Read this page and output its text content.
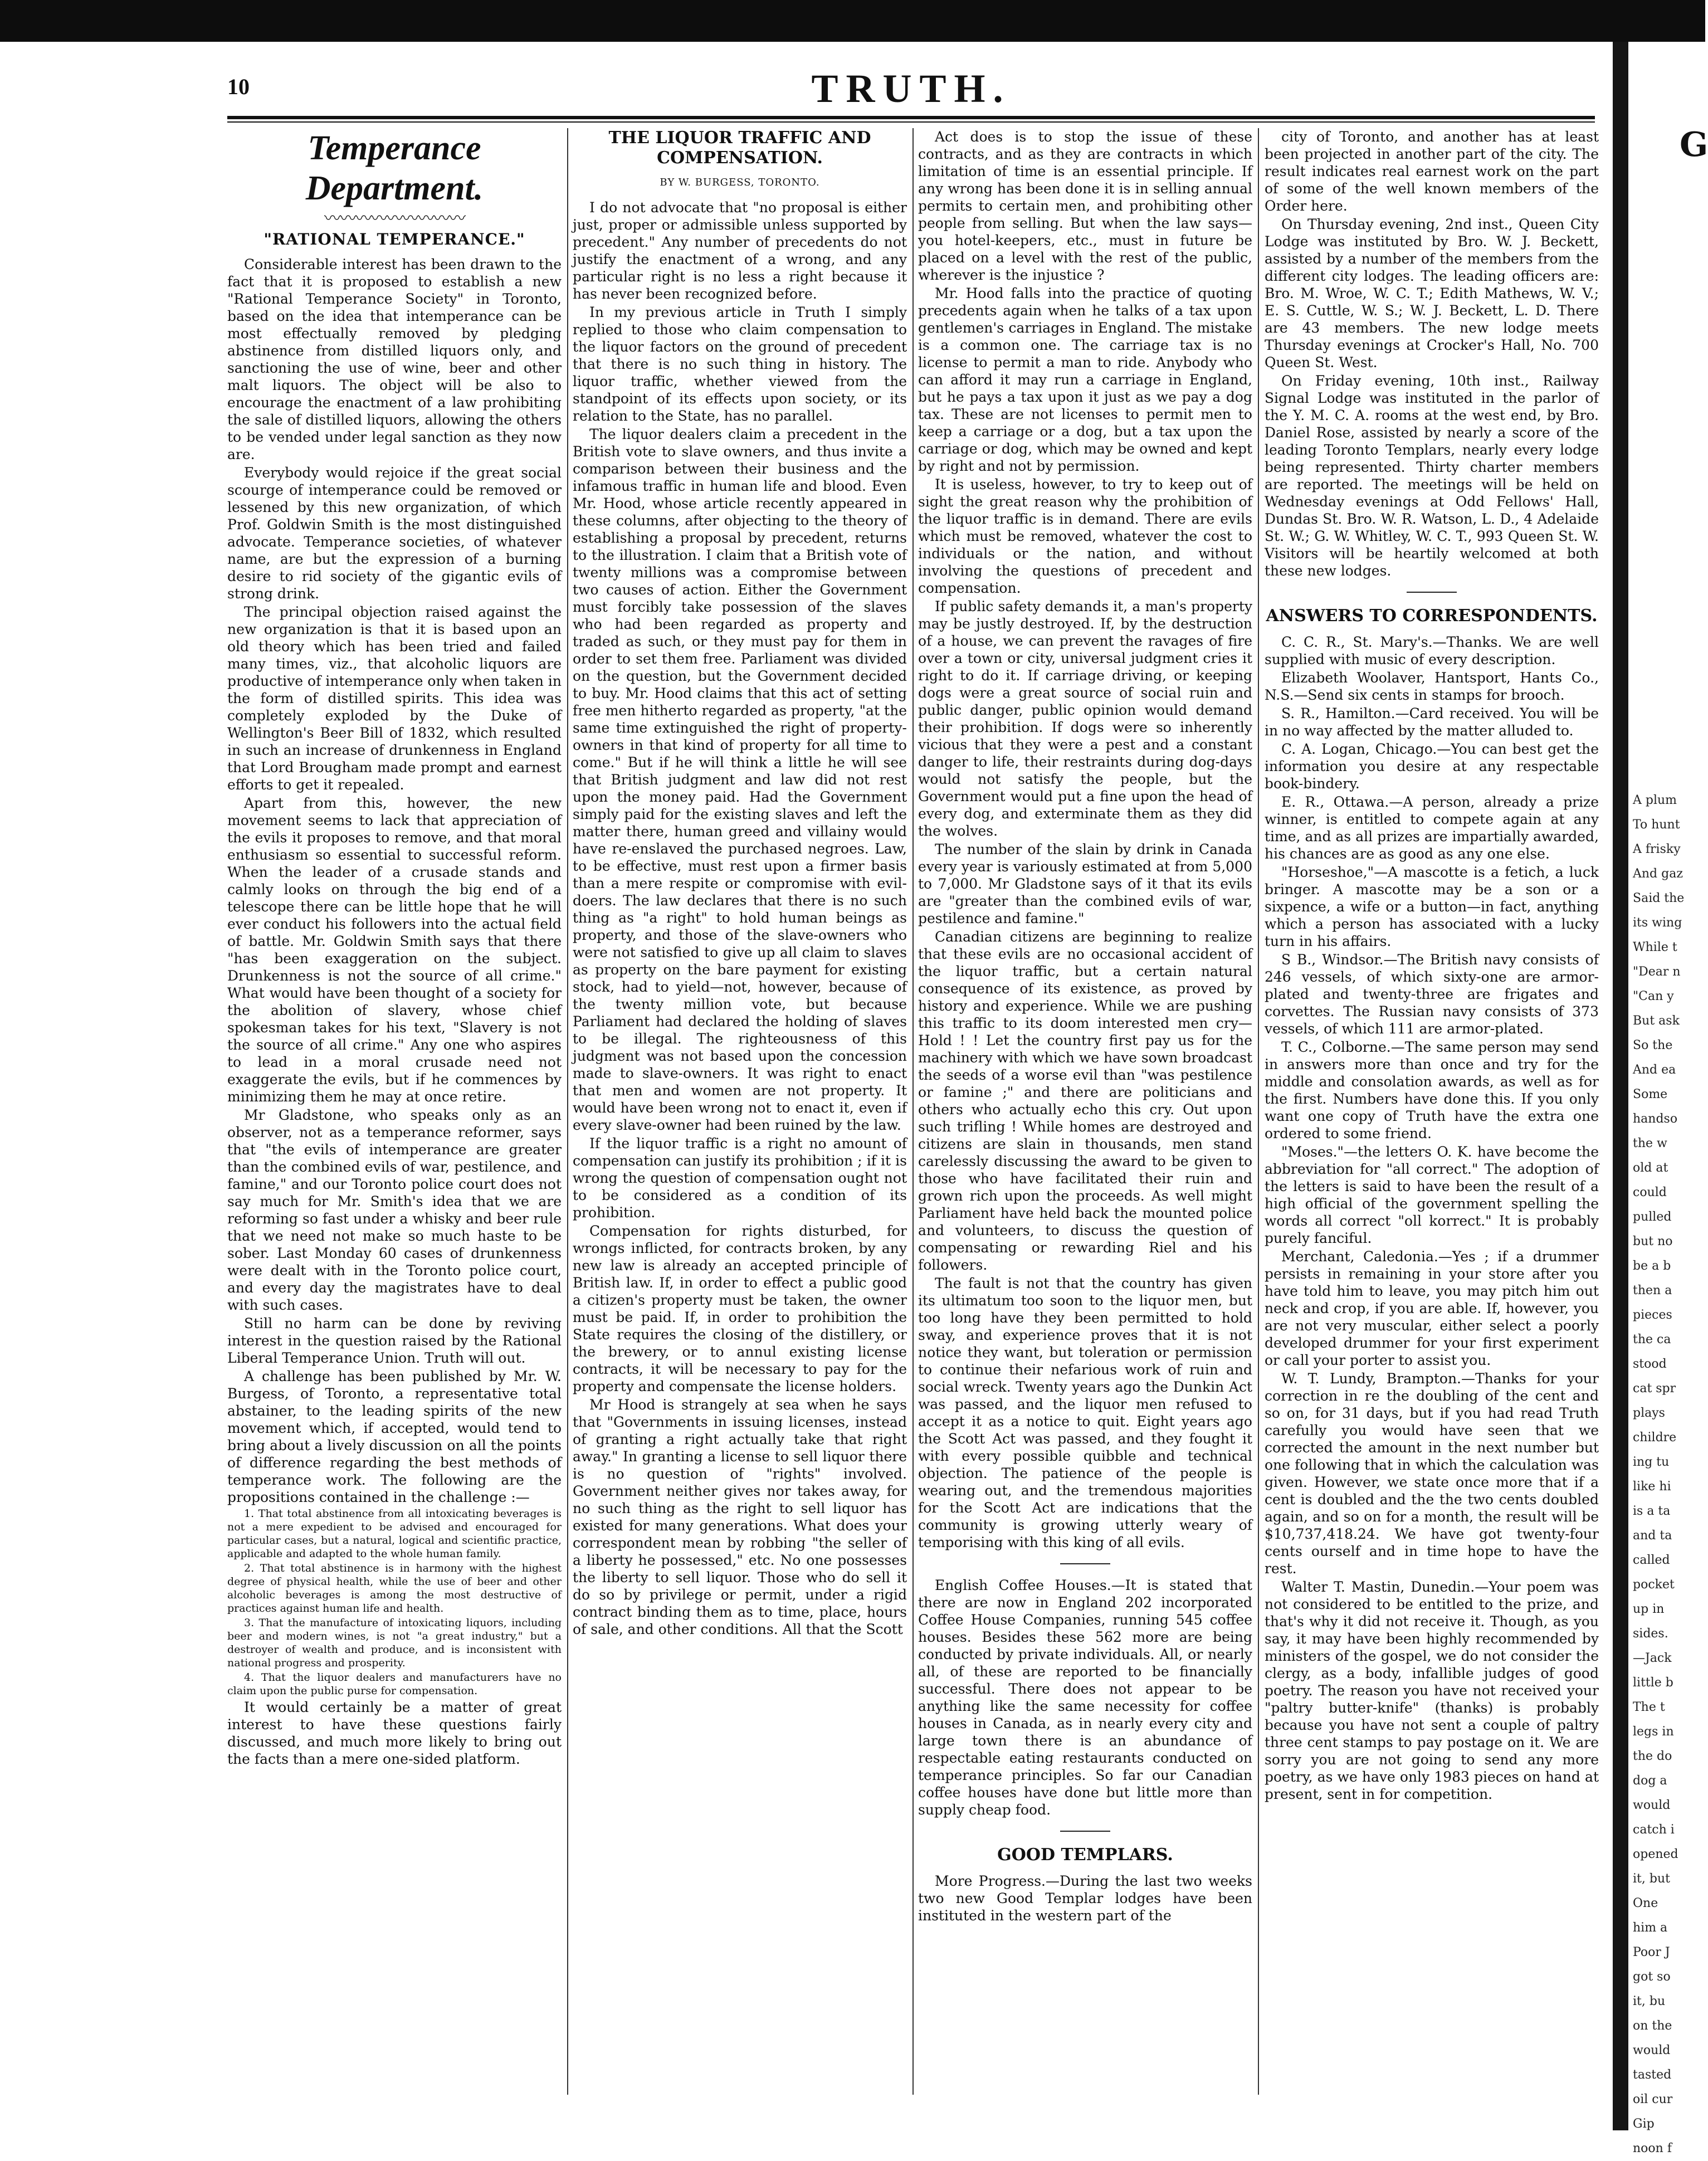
G
A plum
To hunt
A frisky
And gaz
Said the
its wing
While t
"Dear n
"Can y
But ask
So the
And ea
Some
handso
the w
old at
could
pulled
but no
be a b
then a
pieces
the ca
stood
cat spr
plays
childre
ing tu
like hi
is a ta
and ta
called
pocket
up in
sides.
—Jack
little b
The t
legs in
the do
dog a
would
catch i
opened
it, but
One
him a
Poor J
got so
it, bu
on the
would
tasted
oil cur
Gip
noon f
10	TRUTH.
Temperance Department.
〰〰〰〰〰〰〰〰〰
"RATIONAL TEMPERANCE."

Considerable interest has been drawn to the fact that it is proposed to establish a new "Rational Temperance Society" in Toronto, based on the idea that intemperance can be most effectually removed by pledging abstinence from distilled liquors only, and sanctioning the use of wine, beer and other malt liquors. The object will be also to encourage the enactment of a law prohibiting the sale of distilled liquors, allowing the others to be vended under legal sanction as they now are.

Everybody would rejoice if the great social scourge of intemperance could be removed or lessened by this new organization, of which Prof. Goldwin Smith is the most distinguished advocate. Temperance societies, of whatever name, are but the expression of a burning desire to rid society of the gigantic evils of strong drink.

The principal objection raised against the new organization is that it is based upon an old theory which has been tried and failed many times, viz., that alcoholic liquors are productive of intemperance only when taken in the form of distilled spirits. This idea was completely exploded by the Duke of Wellington's Beer Bill of 1832, which resulted in such an increase of drunkenness in England that Lord Brougham made prompt and earnest efforts to get it repealed.

Apart from this, however, the new movement seems to lack that appreciation of the evils it proposes to remove, and that moral enthusiasm so essential to successful reform. When the leader of a crusade stands and calmly looks on through the big end of a telescope there can be little hope that he will ever conduct his followers into the actual field of battle. Mr. Goldwin Smith says that there "has been exaggeration on the subject. Drunkenness is not the source of all crime." What would have been thought of a society for the abolition of slavery, whose chief spokesman takes for his text, "Slavery is not the source of all crime." Any one who aspires to lead in a moral crusade need not exaggerate the evils, but if he commences by minimizing them he may at once retire.

Mr Gladstone, who speaks only as an observer, not as a temperance reformer, says that "the evils of intemperance are greater than the combined evils of war, pestilence, and famine," and our Toronto police court does not say much for Mr. Smith's idea that we are reforming so fast under a whisky and beer rule that we need not make so much haste to be sober. Last Monday 60 cases of drunkenness were dealt with in the Toronto police court, and every day the magistrates have to deal with such cases.

Still no harm can be done by reviving interest in the question raised by the Rational Liberal Temperance Union. Truth will out.

A challenge has been published by Mr. W. Burgess, of Toronto, a representative total abstainer, to the leading spirits of the new movement which, if accepted, would tend to bring about a lively discussion on all the points of difference regarding the best methods of temperance work. The following are the propositions contained in the challenge :—

1. That total abstinence from all intoxicating beverages is not a mere expedient to be advised and encouraged for particular cases, but a natural, logical and scientific practice, applicable and adapted to the whole human family.

2. That total abstinence is in harmony with the highest degree of physical health, while the use of beer and other alcoholic beverages is among the most destructive of practices against human life and health.

3. That the manufacture of intoxicating liquors, including beer and modern wines, is not "a great industry," but a destroyer of wealth and produce, and is inconsistent with national progress and prosperity.

4. That the liquor dealers and manufacturers have no claim upon the public purse for compensation.

It would certainly be a matter of great interest to have these questions fairly discussed, and much more likely to bring out the facts than a mere one-sided platform.

THE LIQUOR TRAFFIC AND COMPENSATION.
BY W. BURGESS, TORONTO.

I do not advocate that "no proposal is either just, proper or admissible unless supported by precedent." Any number of precedents do not justify the enactment of a wrong, and any particular right is no less a right because it has never been recognized before.

In my previous article in Truth I simply replied to those who claim compensation to the liquor factors on the ground of precedent that there is no such thing in history. The liquor traffic, whether viewed from the standpoint of its effects upon society, or its relation to the State, has no parallel.

The liquor dealers claim a precedent in the British vote to slave owners, and thus invite a comparison between their business and the infamous traffic in human life and blood. Even Mr. Hood, whose article recently appeared in these columns, after objecting to the theory of establishing a proposal by precedent, returns to the illustration. I claim that a British vote of twenty millions was a compromise between two causes of action. Either the Government must forcibly take possession of the slaves who had been regarded as property and traded as such, or they must pay for them in order to set them free. Parliament was divided on the question, but the Government decided to buy. Mr. Hood claims that this act of setting free men hitherto regarded as property, "at the same time extinguished the right of property-owners in that kind of property for all time to come." But if he will think a little he will see that British judgment and law did not rest upon the money paid. Had the Government simply paid for the existing slaves and left the matter there, human greed and villainy would have re-enslaved the purchased negroes. Law, to be effective, must rest upon a firmer basis than a mere respite or compromise with evil-doers. The law declares that there is no such thing as "a right" to hold human beings as property, and those of the slave-owners who were not satisfied to give up all claim to slaves as property on the bare payment for existing stock, had to yield—not, however, because of the twenty million vote, but because Parliament had declared the holding of slaves to be illegal. The righteousness of this judgment was not based upon the concession made to slave-owners. It was right to enact that men and women are not property. It would have been wrong not to enact it, even if every slave-owner had been ruined by the law.

If the liquor traffic is a right no amount of compensation can justify its prohibition ; if it is wrong the question of compensation ought not to be considered as a condition of its prohibition.

Compensation for rights disturbed, for wrongs inflicted, for contracts broken, by any new law is already an accepted principle of British law. If, in order to effect a public good a citizen's property must be taken, the owner must be paid. If, in order to prohibition the State requires the closing of the distillery, or the brewery, or to annul existing license contracts, it will be necessary to pay for the property and compensate the license holders.

Mr Hood is strangely at sea when he says that "Governments in issuing licenses, instead of granting a right actually take that right away." In granting a license to sell liquor there is no question of "rights" involved. Government neither gives nor takes away, for no such thing as the right to sell liquor has existed for many generations. What does your correspondent mean by robbing "the seller of a liberty he possessed," etc. No one possesses the liberty to sell liquor. Those who do sell it do so by privilege or permit, under a rigid contract binding them as to time, place, hours of sale, and other conditions. All that the Scott

Act does is to stop the issue of these contracts, and as they are contracts in which limitation of time is an essential principle. If any wrong has been done it is in selling annual permits to certain men, and prohibiting other people from selling. But when the law says—you hotel-keepers, etc., must in future be placed on a level with the rest of the public, wherever is the injustice ?

Mr. Hood falls into the practice of quoting precedents again when he talks of a tax upon gentlemen's carriages in England. The mistake is a common one. The carriage tax is no license to permit a man to ride. Anybody who can afford it may run a carriage in England, but he pays a tax upon it just as we pay a dog tax. These are not licenses to permit men to keep a carriage or a dog, but a tax upon the carriage or dog, which may be owned and kept by right and not by permission.

It is useless, however, to try to keep out of sight the great reason why the prohibition of the liquor traffic is in demand. There are evils which must be removed, whatever the cost to individuals or the nation, and without involving the questions of precedent and compensation.

If public safety demands it, a man's property may be justly destroyed. If, by the destruction of a house, we can prevent the ravages of fire over a town or city, universal judgment cries it right to do it. If carriage driving, or keeping dogs were a great source of social ruin and public danger, public opinion would demand their prohibition. If dogs were so inherently vicious that they were a pest and a constant danger to life, their restraints during dog-days would not satisfy the people, but the Government would put a fine upon the head of every dog, and exterminate them as they did the wolves.

The number of the slain by drink in Canada every year is variously estimated at from 5,000 to 7,000. Mr Gladstone says of it that its evils are "greater than the combined evils of war, pestilence and famine."

Canadian citizens are beginning to realize that these evils are no occasional accident of the liquor traffic, but a certain natural consequence of its existence, as proved by history and experience. While we are pushing this traffic to its doom interested men cry—Hold ! ! Let the country first pay us for the machinery with which we have sown broadcast the seeds of a worse evil than "was pestilence or famine ;" and there are politicians and others who actually echo this cry. Out upon such trifling ! While homes are destroyed and citizens are slain in thousands, men stand carelessly discussing the award to be given to those who have facilitated their ruin and grown rich upon the proceeds. As well might Parliament have held back the mounted police and volunteers, to discuss the question of compensating or rewarding Riel and his followers.

The fault is not that the country has given its ultimatum too soon to the liquor men, but too long have they been permitted to hold sway, and experience proves that it is not notice they want, but toleration or permission to continue their nefarious work of ruin and social wreck. Twenty years ago the Dunkin Act was passed, and the liquor men refused to accept it as a notice to quit. Eight years ago the Scott Act was passed, and they fought it with every possible quibble and technical objection. The patience of the people is wearing out, and the tremendous majorities for the Scott Act are indications that the community is growing utterly weary of temporising with this king of all evils.

English Coffee Houses.—It is stated that there are now in England 202 incorporated Coffee House Companies, running 545 coffee houses. Besides these 562 more are being conducted by private individuals. All, or nearly all, of these are reported to be financially successful. There does not appear to be anything like the same necessity for coffee houses in Canada, as in nearly every city and large town there is an abundance of respectable eating restaurants conducted on temperance principles. So far our Canadian coffee houses have done but little more than supply cheap food.

GOOD TEMPLARS.

More Progress.—During the last two weeks two new Good Templar lodges have been instituted in the western part of the

city of Toronto, and another has at least been projected in another part of the city. The result indicates real earnest work on the part of some of the well known members of the Order here.

On Thursday evening, 2nd inst., Queen City Lodge was instituted by Bro. W. J. Beckett, assisted by a number of the members from the different city lodges. The leading officers are: Bro. M. Wroe, W. C. T.; Edith Mathews, W. V.; E. S. Cuttle, W. S.; W. J. Beckett, L. D. There are 43 members. The new lodge meets Thursday evenings at Crocker's Hall, No. 700 Queen St. West.

On Friday evening, 10th inst., Railway Signal Lodge was instituted in the parlor of the Y. M. C. A. rooms at the west end, by Bro. Daniel Rose, assisted by nearly a score of the leading Toronto Templars, nearly every lodge being represented. Thirty charter members are reported. The meetings will be held on Wednesday evenings at Odd Fellows' Hall, Dundas St. Bro. W. R. Watson, L. D., 4 Adelaide St. W.; G. W. Whitley, W. C. T., 993 Queen St. W. Visitors will be heartily welcomed at both these new lodges.

ANSWERS TO CORRESPONDENTS.

C. C. R., St. Mary's.—Thanks. We are well supplied with music of every description.

Elizabeth Woolaver, Hantsport, Hants Co., N.S.—Send six cents in stamps for brooch.

S. R., Hamilton.—Card received. You will be in no way affected by the matter alluded to.

C. A. Logan, Chicago.—You can best get the information you desire at any respectable book-bindery.

E. R., Ottawa.—A person, already a prize winner, is entitled to compete again at any time, and as all prizes are impartially awarded, his chances are as good as any one else.

"Horseshoe,"—A mascotte is a fetich, a luck bringer. A mascotte may be a son or a sixpence, a wife or a button—in fact, anything which a person has associated with a lucky turn in his affairs.

S B., Windsor.—The British navy consists of 246 vessels, of which sixty-one are armor-plated and twenty-three are frigates and corvettes. The Russian navy consists of 373 vessels, of which 111 are armor-plated.

T. C., Colborne.—The same person may send in answers more than once and try for the middle and consolation awards, as well as for the first. Numbers have done this. If you only want one copy of Truth have the extra one ordered to some friend.

"Moses."—the letters O. K. have become the abbreviation for "all correct." The adoption of the letters is said to have been the result of a high official of the government spelling the words all correct "oll korrect." It is probably purely fanciful.

Merchant, Caledonia.—Yes ; if a drummer persists in remaining in your store after you have told him to leave, you may pitch him out neck and crop, if you are able. If, however, you are not very muscular, either select a poorly developed drummer for your first experiment or call your porter to assist you.

W. T. Lundy, Brampton.—Thanks for your correction in re the doubling of the cent and so on, for 31 days, but if you had read Truth carefully you would have seen that we corrected the amount in the next number but one following that in which the calculation was given. However, we state once more that if a cent is doubled and the the two cents doubled again, and so on for a month, the result will be $10,737,418.24. We have got twenty-four cents ourself and in time hope to have the rest.

Walter T. Mastin, Dunedin.—Your poem was not considered to be entitled to the prize, and that's why it did not receive it. Though, as you say, it may have been highly recommended by ministers of the gospel, we do not consider the clergy, as a body, infallible judges of good poetry. The reason you have not received your "paltry butter-knife" (thanks) is probably because you have not sent a couple of paltry three cent stamps to pay postage on it. We are sorry you are not going to send any more poetry, as we have only 1983 pieces on hand at present, sent in for competition.
